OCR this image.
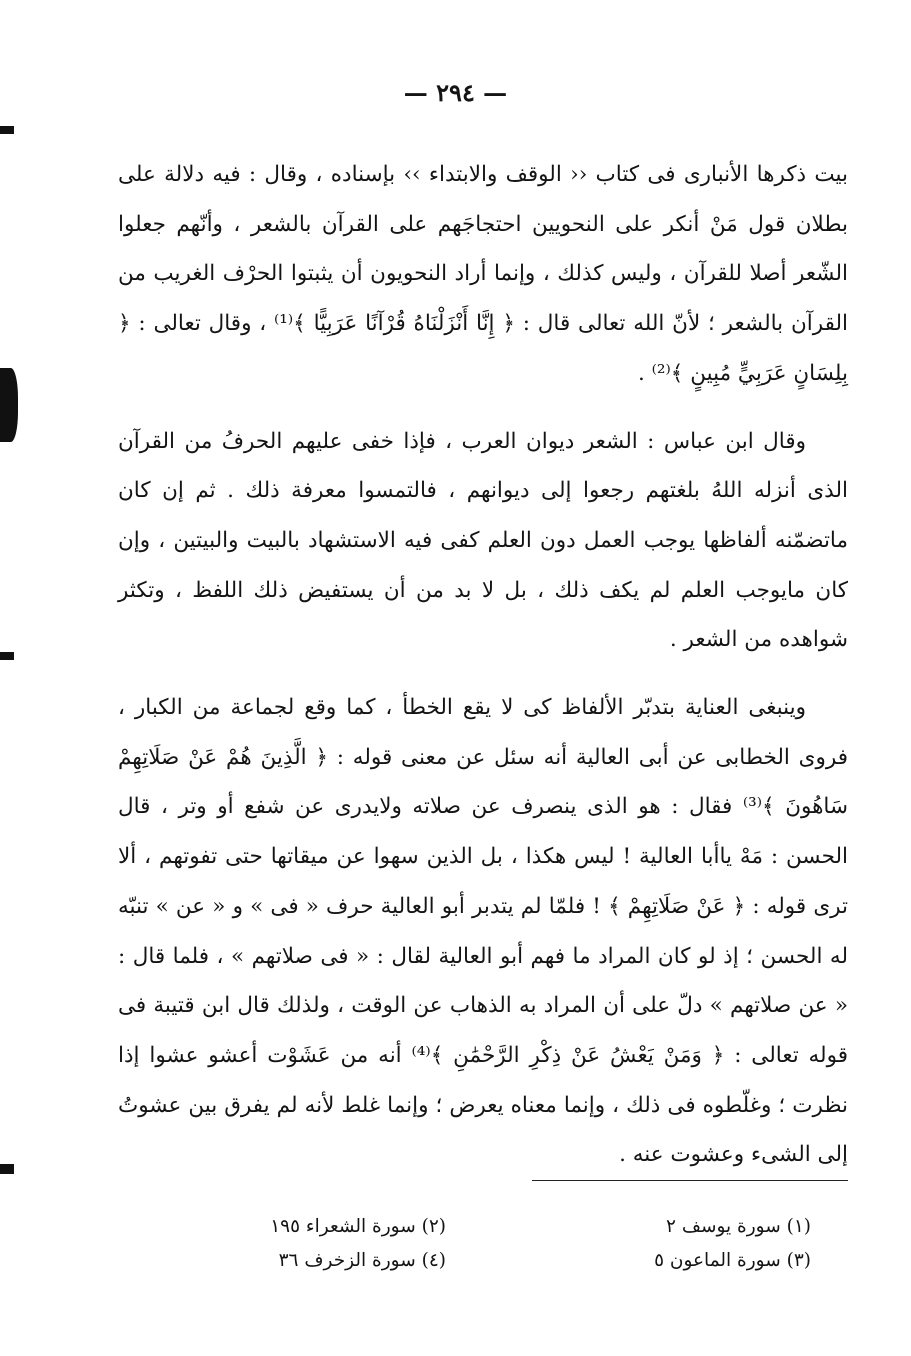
— ٢٩٤ —

بيت ذكرها الأنبارى فى كتاب ‹‹ الوقف والابتداء ›› بإسناده ، وقال : فيه دلالة على بطلان قول مَنْ أنكر على النحويين احتجاجَهم على القرآن بالشعر ، وأنّهم جعلوا الشّعر أصلا للقرآن ، وليس كذلك ، وإنما أراد النحويون أن يثبتوا الحرْف الغريب من القرآن بالشعر ؛ لأنّ الله تعالى قال : ﴿ إِنَّا أَنْزَلْنَاهُ قُرْآنًا عَرَبِيًّا ﴾⁽¹⁾ ، وقال تعالى : ﴿ بِلِسَانٍ عَرَبِيٍّ مُبِينٍ ﴾⁽²⁾ .

وقال ابن عباس : الشعر ديوان العرب ، فإذا خفى عليهم الحرفُ من القرآن الذى أنزله اللهُ بلغتهم رجعوا إلى ديوانهم ، فالتمسوا معرفة ذلك . ثم إن كان ماتضمّنه ألفاظها يوجب العمل دون العلم كفى فيه الاستشهاد بالبيت والبيتين ، وإن كان مايوجب العلم لم يكف ذلك ، بل لا بد من أن يستفيض ذلك اللفظ ، وتكثر شواهده من الشعر .

وينبغى العناية بتدبّر الألفاظ كى لا يقع الخطأ ، كما وقع لجماعة من الكبار ، فروى الخطابى عن أبى العالية أنه سئل عن معنى قوله : ﴿ الَّذِينَ هُمْ عَنْ صَلَاتِهِمْ سَاهُونَ ﴾⁽³⁾ فقال : هو الذى ينصرف عن صلاته ولايدرى عن شفع أو وتر ، قال الحسن : مَهْ ياأبا العالية ! ليس هكذا ، بل الذين سهوا عن ميقاتها حتى تفوتهم ، ألا ترى قوله : ﴿ عَنْ صَلَاتِهِمْ ﴾ ! فلمّا لم يتدبر أبو العالية حرف « فى » و « عن » تنبّه له الحسن ؛ إذ لو كان المراد ما فهم أبو العالية لقال : « فى صلاتهم » ، فلما قال : « عن صلاتهم » دلّ على أن المراد به الذهاب عن الوقت ، ولذلك قال ابن قتيبة فى قوله تعالى : ﴿ وَمَنْ يَعْشُ عَنْ ذِكْرِ الرَّحْمَٰنِ ﴾⁽⁴⁾ أنه من عَشَوْت أعشو عشوا إذا نظرت ؛ وغلّطوه فى ذلك ، وإنما معناه يعرض ؛ وإنما غلط لأنه لم يفرق بين عشوتُ إلى الشىء وعشوت عنه .

(١) سورة يوسف ٢
(٢) سورة الشعراء ١٩٥
(٣) سورة الماعون ٥
(٤) سورة الزخرف ٣٦
